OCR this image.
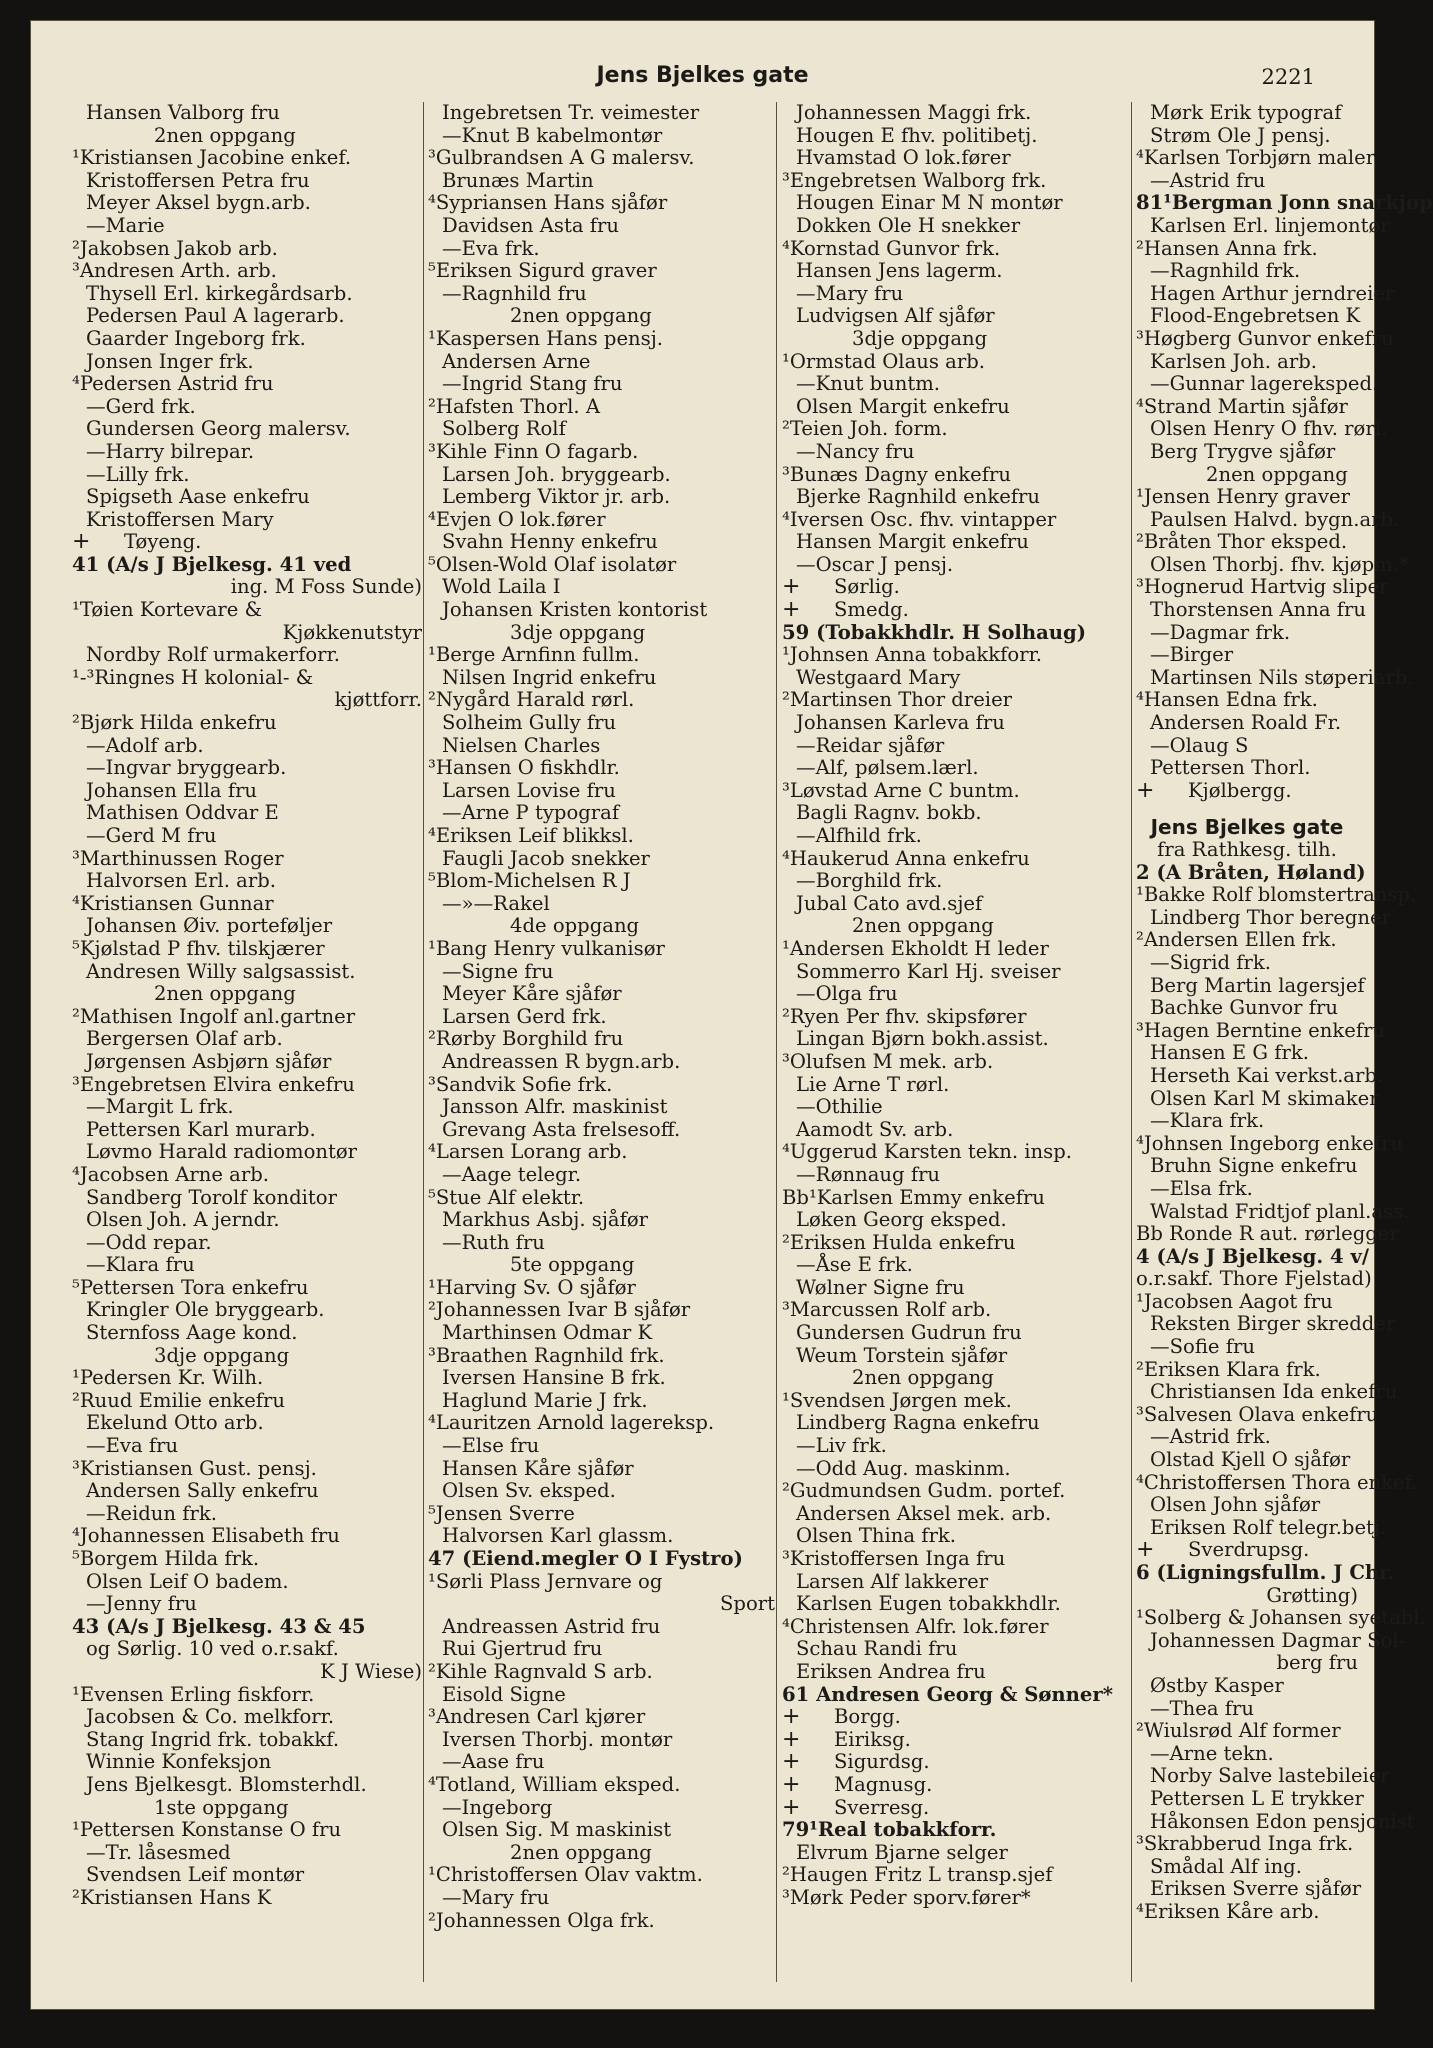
Jens Bjelkes gate	2221
Hansen Valborg fru
2nen oppgang
¹Kristiansen Jacobine enkef.
Kristoffersen Petra fru
Meyer Aksel bygn.arb.
—Marie
²Jakobsen Jakob arb.
³Andresen Arth. arb.
Thysell Erl. kirkegårdsarb.
Pedersen Paul A lagerarb.
Gaarder Ingeborg frk.
Jonsen Inger frk.
⁴Pedersen Astrid fru
—Gerd frk.
Gundersen Georg malersv.
—Harry bilrepar.
—Lilly frk.
Spigseth Aase enkefru
Kristoffersen Mary
+ Tøyeng.
41 (A/s J Bjelkesg. 41 ved
ing. M Foss Sunde)
¹Tøien Kortevare &
Kjøkkenutstyr
Nordby Rolf urmakerforr.
¹-³Ringnes H kolonial- &
kjøttforr.
²Bjørk Hilda enkefru
—Adolf arb.
—Ingvar bryggearb.
Johansen Ella fru
Mathisen Oddvar E
—Gerd M fru
³Marthinussen Roger
Halvorsen Erl. arb.
⁴Kristiansen Gunnar
Johansen Øiv. porteføljer
⁵Kjølstad P fhv. tilskjærer
Andresen Willy salgsassist.
2nen oppgang
²Mathisen Ingolf anl.gartner
Bergersen Olaf arb.
Jørgensen Asbjørn sjåfør
³Engebretsen Elvira enkefru
—Margit L frk.
Pettersen Karl murarb.
Løvmo Harald radiomontør
⁴Jacobsen Arne arb.
Sandberg Torolf konditor
Olsen Joh. A jerndr.
—Odd repar.
—Klara fru
⁵Pettersen Tora enkefru
Kringler Ole bryggearb.
Sternfoss Aage kond.
3dje oppgang
¹Pedersen Kr. Wilh.
²Ruud Emilie enkefru
Ekelund Otto arb.
—Eva fru
³Kristiansen Gust. pensj.
Andersen Sally enkefru
—Reidun frk.
⁴Johannessen Elisabeth fru
⁵Borgem Hilda frk.
Olsen Leif O badem.
—Jenny fru
43 (A/s J Bjelkesg. 43 & 45
og Sørlig. 10 ved o.r.sakf.
K J Wiese)
¹Evensen Erling fiskforr.
Jacobsen & Co. melkforr.
Stang Ingrid frk. tobakkf.
Winnie Konfeksjon
Jens Bjelkesgt. Blomsterhdl.
1ste oppgang
¹Pettersen Konstanse O fru
—Tr. låsesmed
Svendsen Leif montør
²Kristiansen Hans K
Ingebretsen Tr. veimester
—Knut B kabelmontør
³Gulbrandsen A G malersv.
Brunæs Martin
⁴Sypriansen Hans sjåfør
Davidsen Asta fru
—Eva frk.
⁵Eriksen Sigurd graver
—Ragnhild fru
2nen oppgang
¹Kaspersen Hans pensj.
Andersen Arne
—Ingrid Stang fru
²Hafsten Thorl. A
Solberg Rolf
³Kihle Finn O fagarb.
Larsen Joh. bryggearb.
Lemberg Viktor jr. arb.
⁴Evjen O lok.fører
Svahn Henny enkefru
⁵Olsen-Wold Olaf isolatør
Wold Laila I
Johansen Kristen kontorist
3dje oppgang
¹Berge Arnfinn fullm.
Nilsen Ingrid enkefru
²Nygård Harald rørl.
Solheim Gully fru
Nielsen Charles
³Hansen O fiskhdlr.
Larsen Lovise fru
—Arne P typograf
⁴Eriksen Leif blikksl.
Faugli Jacob snekker
⁵Blom-Michelsen R J
—»—Rakel
4de oppgang
¹Bang Henry vulkanisør
—Signe fru
Meyer Kåre sjåfør
Larsen Gerd frk.
²Rørby Borghild fru
Andreassen R bygn.arb.
³Sandvik Sofie frk.
Jansson Alfr. maskinist
Grevang Asta frelsesoff.
⁴Larsen Lorang arb.
—Aage telegr.
⁵Stue Alf elektr.
Markhus Asbj. sjåfør
—Ruth fru
5te oppgang
¹Harving Sv. O sjåfør
²Johannessen Ivar B sjåfør
Marthinsen Odmar K
³Braathen Ragnhild frk.
Iversen Hansine B frk.
Haglund Marie J frk.
⁴Lauritzen Arnold lagereksp.
—Else fru
Hansen Kåre sjåfør
Olsen Sv. eksped.
⁵Jensen Sverre
Halvorsen Karl glassm.
47 (Eiend.megler O I Fystro)
¹Sørli Plass Jernvare og
Sport
Andreassen Astrid fru
Rui Gjertrud fru
²Kihle Ragnvald S arb.
Eisold Signe
³Andresen Carl kjører
Iversen Thorbj. montør
—Aase fru
⁴Totland, William eksped.
—Ingeborg
Olsen Sig. M maskinist
2nen oppgang
¹Christoffersen Olav vaktm.
—Mary fru
²Johannessen Olga frk.
Johannessen Maggi frk.
Hougen E fhv. politibetj.
Hvamstad O lok.fører
³Engebretsen Walborg frk.
Hougen Einar M N montør
Dokken Ole H snekker
⁴Kornstad Gunvor frk.
Hansen Jens lagerm.
—Mary fru
Ludvigsen Alf sjåfør
3dje oppgang
¹Ormstad Olaus arb.
—Knut buntm.
Olsen Margit enkefru
²Teien Joh. form.
—Nancy fru
³Bunæs Dagny enkefru
Bjerke Ragnhild enkefru
⁴Iversen Osc. fhv. vintapper
Hansen Margit enkefru
—Oscar J pensj.
+ Sørlig.
+ Smedg.
59 (Tobakkhdlr. H Solhaug)
¹Johnsen Anna tobakkforr.
Westgaard Mary
²Martinsen Thor dreier
Johansen Karleva fru
—Reidar sjåfør
—Alf, pølsem.lærl.
³Løvstad Arne C buntm.
Bagli Ragnv. bokb.
—Alfhild frk.
⁴Haukerud Anna enkefru
—Borghild frk.
Jubal Cato avd.sjef
2nen oppgang
¹Andersen Ekholdt H leder
Sommerro Karl Hj. sveiser
—Olga fru
²Ryen Per fhv. skipsfører
Lingan Bjørn bokh.assist.
³Olufsen M mek. arb.
Lie Arne T rørl.
—Othilie
Aamodt Sv. arb.
⁴Uggerud Karsten tekn. insp.
—Rønnaug fru
Bb¹Karlsen Emmy enkefru
Løken Georg eksped.
²Eriksen Hulda enkefru
—Åse E frk.
Wølner Signe fru
³Marcussen Rolf arb.
Gundersen Gudrun fru
Weum Torstein sjåfør
2nen oppgang
¹Svendsen Jørgen mek.
Lindberg Ragna enkefru
—Liv frk.
—Odd Aug. maskinm.
²Gudmundsen Gudm. portef.
Andersen Aksel mek. arb.
Olsen Thina frk.
³Kristoffersen Inga fru
Larsen Alf lakkerer
Karlsen Eugen tobakkhdlr.
⁴Christensen Alfr. lok.fører
Schau Randi fru
Eriksen Andrea fru
61 Andresen Georg & Sønner*
+ Borgg.
+ Eiriksg.
+ Sigurdsg.
+ Magnusg.
+ Sverresg.
79¹Real tobakkforr.
Elvrum Bjarne selger
²Haugen Fritz L transp.sjef
³Mørk Peder sporv.fører*
Mørk Erik typograf
Strøm Ole J pensj.
⁴Karlsen Torbjørn maler
—Astrid fru
81¹Bergman Jonn snarkjøp
Karlsen Erl. linjemontør
²Hansen Anna frk.
—Ragnhild frk.
Hagen Arthur jerndreier
Flood-Engebretsen K
³Høgberg Gunvor enkefru
Karlsen Joh. arb.
—Gunnar lagereksped.
⁴Strand Martin sjåfør
Olsen Henry O fhv. rørl.
Berg Trygve sjåfør
2nen oppgang
¹Jensen Henry graver
Paulsen Halvd. bygn.arb.
²Bråten Thor eksped.
Olsen Thorbj. fhv. kjøpm.*
³Hognerud Hartvig sliper
Thorstensen Anna fru
—Dagmar frk.
—Birger
Martinsen Nils støperiarb.
⁴Hansen Edna frk.
Andersen Roald Fr.
—Olaug S
Pettersen Thorl.
+ Kjølbergg.
Jens Bjelkes gate
fra Rathkesg. tilh.
2 (A Bråten, Høland)
¹Bakke Rolf blomstertransp.
Lindberg Thor beregner
²Andersen Ellen frk.
—Sigrid frk.
Berg Martin lagersjef
Bachke Gunvor fru
³Hagen Berntine enkefru
Hansen E G frk.
Herseth Kai verkst.arb.
Olsen Karl M skimaker
—Klara frk.
⁴Johnsen Ingeborg enkefru
Bruhn Signe enkefru
—Elsa frk.
Walstad Fridtjof planl.ass.
Bb Ronde R aut. rørlegger
4 (A/s J Bjelkesg. 4 v/
o.r.sakf. Thore Fjelstad)
¹Jacobsen Aagot fru
Reksten Birger skredder
—Sofie fru
²Eriksen Klara frk.
Christiansen Ida enkefru
³Salvesen Olava enkefru
—Astrid frk.
Olstad Kjell O sjåfør
⁴Christoffersen Thora enkef.
Olsen John sjåfør
Eriksen Rolf telegr.betj.
+ Sverdrupsg.
6 (Ligningsfullm. J Chr.
Grøtting)
¹Solberg & Johansen syetabl.
Johannessen Dagmar Sol-
berg fru
Østby Kasper
—Thea fru
²Wiulsrød Alf former
—Arne tekn.
Norby Salve lastebileier
Pettersen L E trykker
Håkonsen Edon pensjonist
³Skrabberud Inga frk.
Smådal Alf ing.
Eriksen Sverre sjåfør
⁴Eriksen Kåre arb.
